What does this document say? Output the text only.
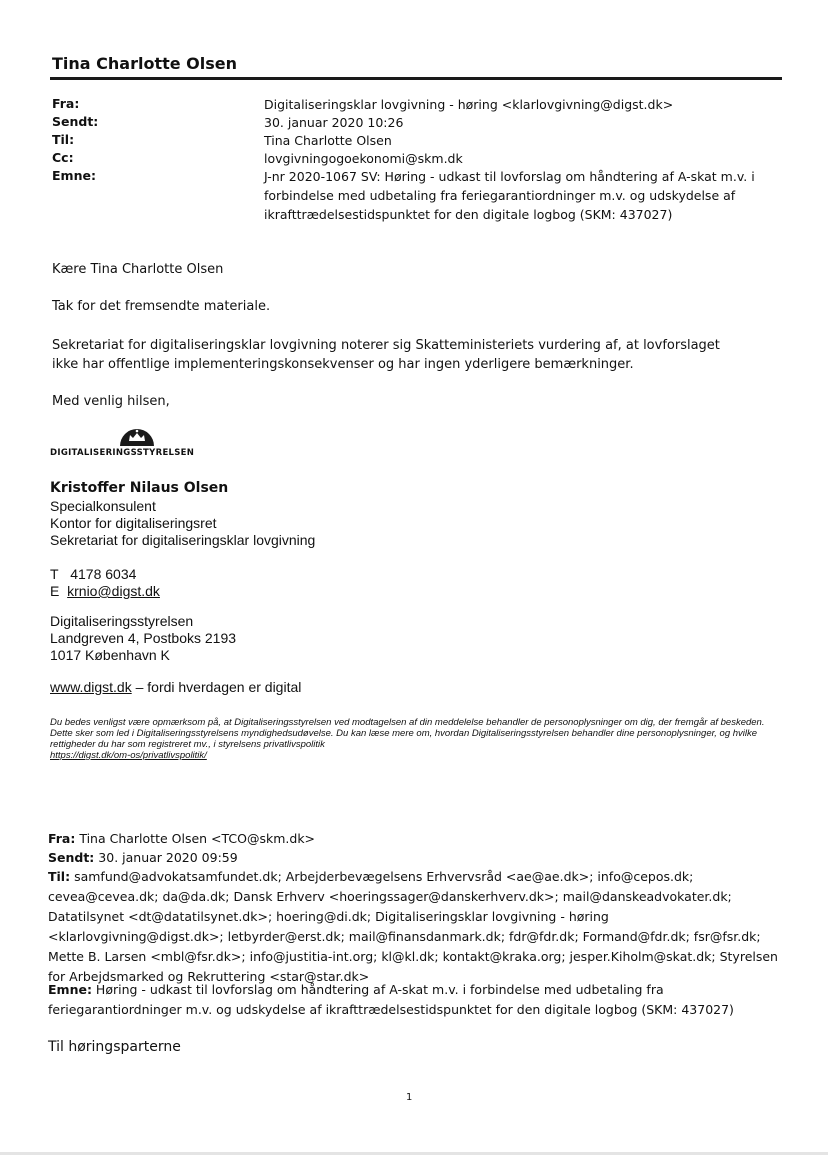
Tina Charlotte Olsen
Fra:	Digitaliseringsklar lovgivning - høring <klarlovgivning@digst.dk>
Sendt:	30. januar 2020 10:26
Til:	Tina Charlotte Olsen
Cc:	lovgivningogoekonomi@skm.dk
Emne:	J-nr 2020-1067 SV: Høring - udkast til lovforslag om håndtering af A-skat m.v. i forbindelse med udbetaling fra feriegarantiordninger m.v. og udskydelse af ikrafttrædelsestidspunktet for den digitale logbog (SKM: 437027)
Kære Tina Charlotte Olsen
Tak for det fremsendte materiale.
Sekretariat for digitaliseringsklar lovgivning noterer sig Skatteministeriets vurdering af, at lovforslaget ikke har offentlige implementeringskonsekvenser og har ingen yderligere bemærkninger.
Med venlig hilsen,
DIGITALISERINGSSTYRELSEN
Kristoffer Nilaus Olsen
Specialkonsulent
Kontor for digitaliseringsret
Sekretariat for digitaliseringsklar lovgivning
T 4178 6034
E krnio@digst.dk
Digitaliseringsstyrelsen
Landgreven 4, Postboks 2193
1017 København K
www.digst.dk – fordi hverdagen er digital
Du bedes venligst være opmærksom på, at Digitaliseringsstyrelsen ved modtagelsen af din meddelelse behandler de personoplysninger om dig, der fremgår af beskeden. Dette sker som led i Digitaliseringsstyrelsens myndighedsudøvelse. Du kan læse mere om, hvordan Digitaliseringsstyrelsen behandler dine personoplysninger, og hvilke rettigheder du har som registreret mv., i styrelsens privatlivspolitik
https://digst.dk/om-os/privatlivspolitik/
Fra: Tina Charlotte Olsen <TCO@skm.dk>
Sendt: 30. januar 2020 09:59
Til: samfund@advokatsamfundet.dk; Arbejderbevægelsens Erhvervsråd <ae@ae.dk>; info@cepos.dk; cevea@cevea.dk; da@da.dk; Dansk Erhverv <hoeringssager@danskerhverv.dk>; mail@danskeadvokater.dk; Datatilsynet <dt@datatilsynet.dk>; hoering@di.dk; Digitaliseringsklar lovgivning - høring <klarlovgivning@digst.dk>; letbyrder@erst.dk; mail@finansdanmark.dk; fdr@fdr.dk; Formand@fdr.dk; fsr@fsr.dk; Mette B. Larsen <mbl@fsr.dk>; info@justitia-int.org; kl@kl.dk; kontakt@kraka.org; jesper.Kiholm@skat.dk; Styrelsen for Arbejdsmarked og Rekruttering <star@star.dk>
Emne: Høring - udkast til lovforslag om håndtering af A-skat m.v. i forbindelse med udbetaling fra feriegarantiordninger m.v. og udskydelse af ikrafttrædelsestidspunktet for den digitale logbog (SKM: 437027)
Til høringsparterne
1
